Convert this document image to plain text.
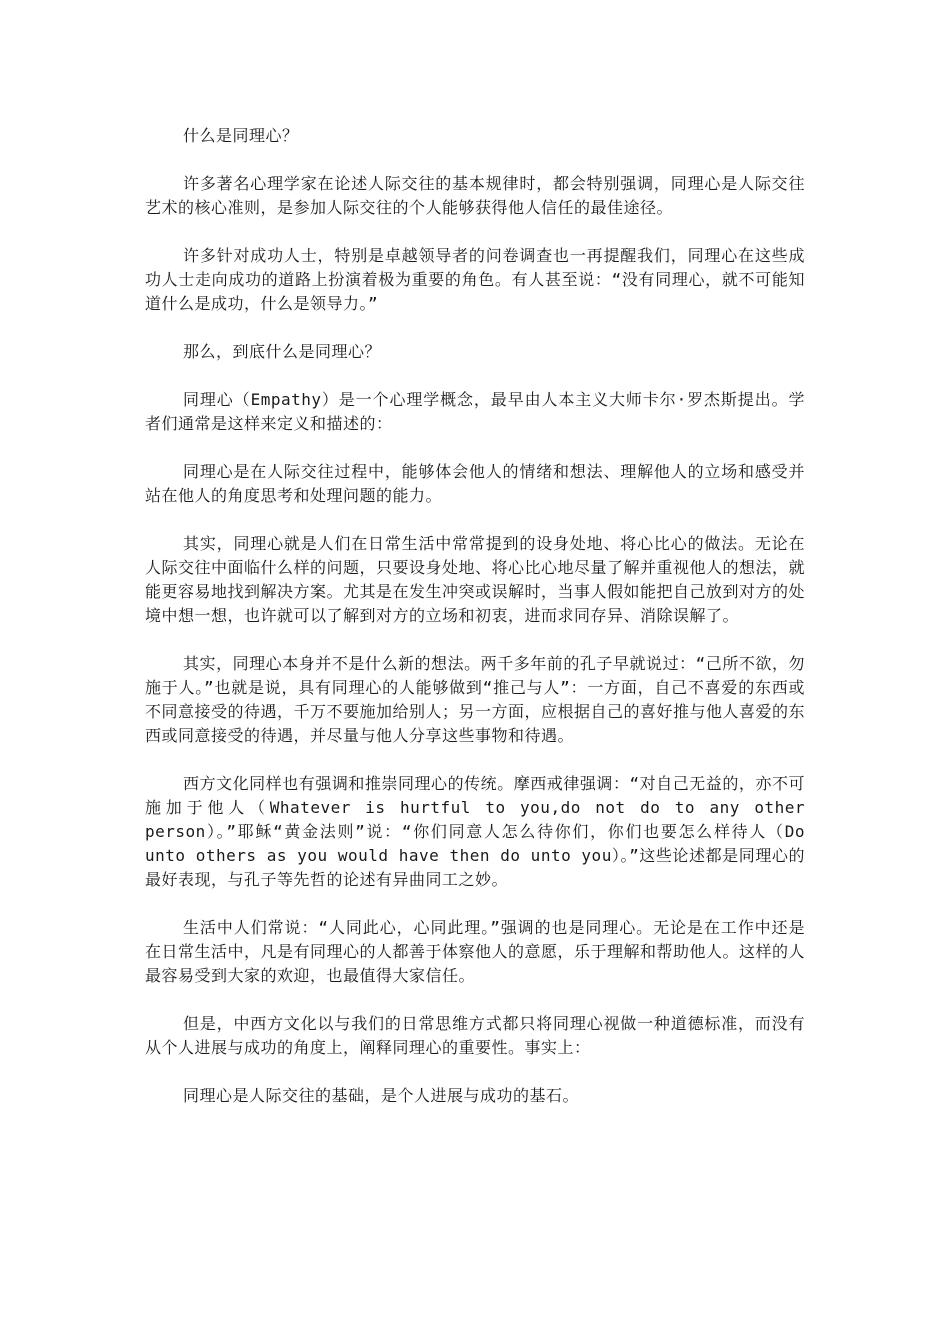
什么是同理心？

许多著名心理学家在论述人际交往的基本规律时，都会特别强调，同理心是人际交往艺术的核心准则，是参加人际交往的个人能够获得他人信任的最佳途径。

许多针对成功人士，特别是卓越领导者的问卷调查也一再提醒我们，同理心在这些成功人士走向成功的道路上扮演着极为重要的角色。有人甚至说：“没有同理心，就不可能知道什么是成功，什么是领导力。”

那么，到底什么是同理心？

同理心（Empathy）是一个心理学概念，最早由人本主义大师卡尔·罗杰斯提出。学者们通常是这样来定义和描述的：

同理心是在人际交往过程中，能够体会他人的情绪和想法、理解他人的立场和感受并站在他人的角度思考和处理问题的能力。

其实，同理心就是人们在日常生活中常常提到的设身处地、将心比心的做法。无论在人际交往中面临什么样的问题，只要设身处地、将心比心地尽量了解并重视他人的想法，就能更容易地找到解决方案。尤其是在发生冲突或误解时，当事人假如能把自己放到对方的处境中想一想，也许就可以了解到对方的立场和初衷，进而求同存异、消除误解了。

其实，同理心本身并不是什么新的想法。两千多年前的孔子早就说过：“己所不欲，勿施于人。”也就是说，具有同理心的人能够做到“推己与人”：一方面，自己不喜爱的东西或不同意接受的待遇，千万不要施加给别人；另一方面，应根据自己的喜好推与他人喜爱的东西或同意接受的待遇，并尽量与他人分享这些事物和待遇。

西方文化同样也有强调和推崇同理心的传统。摩西戒律强调：“对自己无益的，亦不可施加于他人（Whatever is hurtful to you,do not do to any other person）。”耶稣“黄金法则”说：“你们同意人怎么待你们，你们也要怎么样待人（Do unto others as you would have then do unto you）。”这些论述都是同理心的最好表现，与孔子等先哲的论述有异曲同工之妙。

生活中人们常说：“人同此心，心同此理。”强调的也是同理心。无论是在工作中还是在日常生活中，凡是有同理心的人都善于体察他人的意愿，乐于理解和帮助他人。这样的人最容易受到大家的欢迎，也最值得大家信任。

但是，中西方文化以与我们的日常思维方式都只将同理心视做一种道德标准，而没有从个人进展与成功的角度上，阐释同理心的重要性。事实上：

同理心是人际交往的基础，是个人进展与成功的基石。
